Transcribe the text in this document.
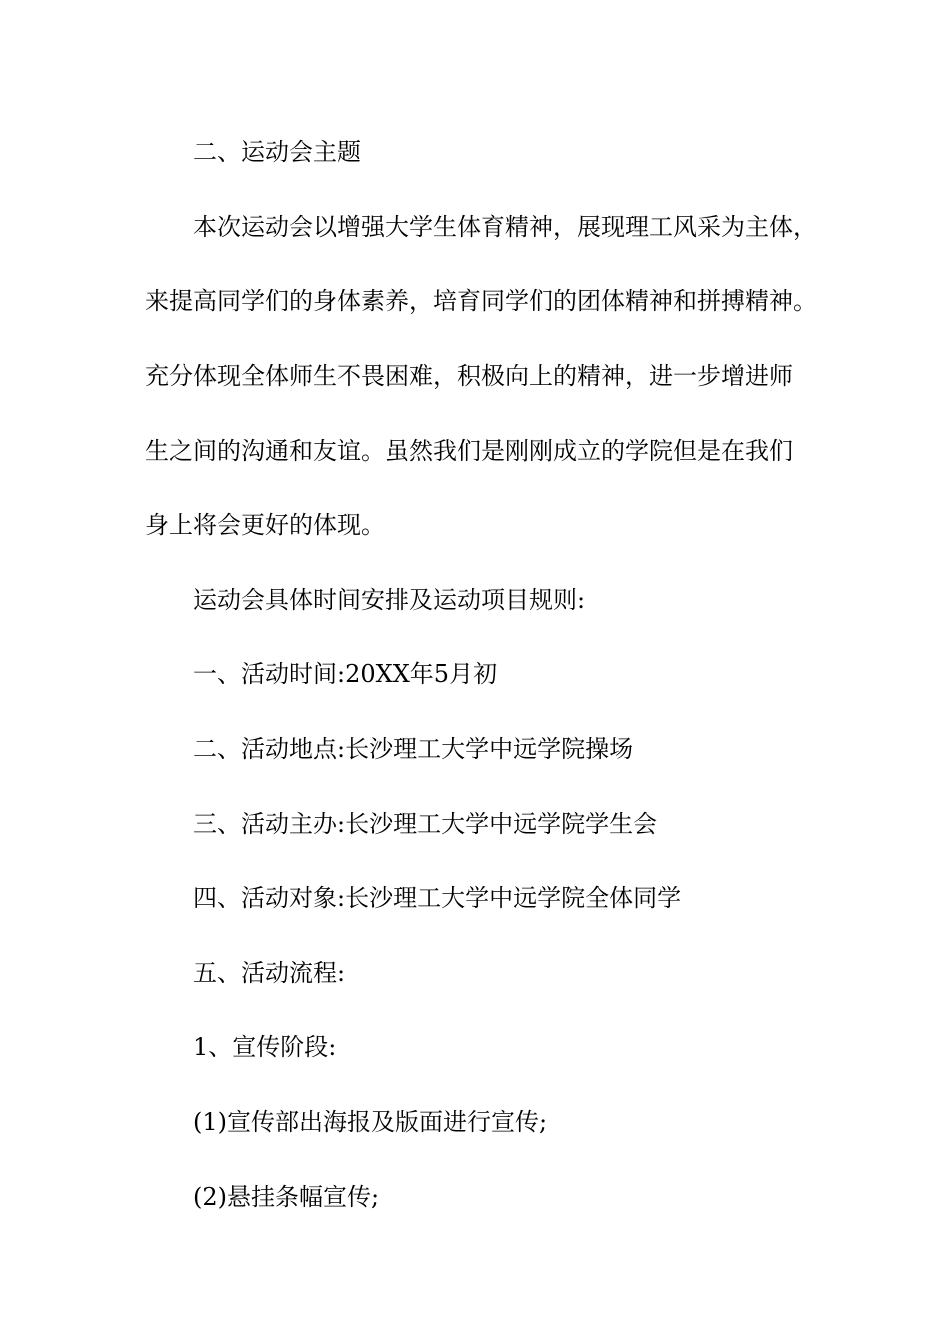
二、运动会主题
本次运动会以增强大学生体育精神，展现理工风采为主体，
来提高同学们的身体素养，培育同学们的团体精神和拼搏精神。
充分体现全体师生不畏困难，积极向上的精神，进一步增进师
生之间的沟通和友谊。虽然我们是刚刚成立的学院但是在我们
身上将会更好的体现。
运动会具体时间安排及运动项目规则:
一、活动时间:20XX年5月初
二、活动地点:长沙理工大学中远学院操场
三、活动主办:长沙理工大学中远学院学生会
四、活动对象:长沙理工大学中远学院全体同学
五、活动流程:
1、宣传阶段:
(1)宣传部出海报及版面进行宣传;
(2)悬挂条幅宣传;
